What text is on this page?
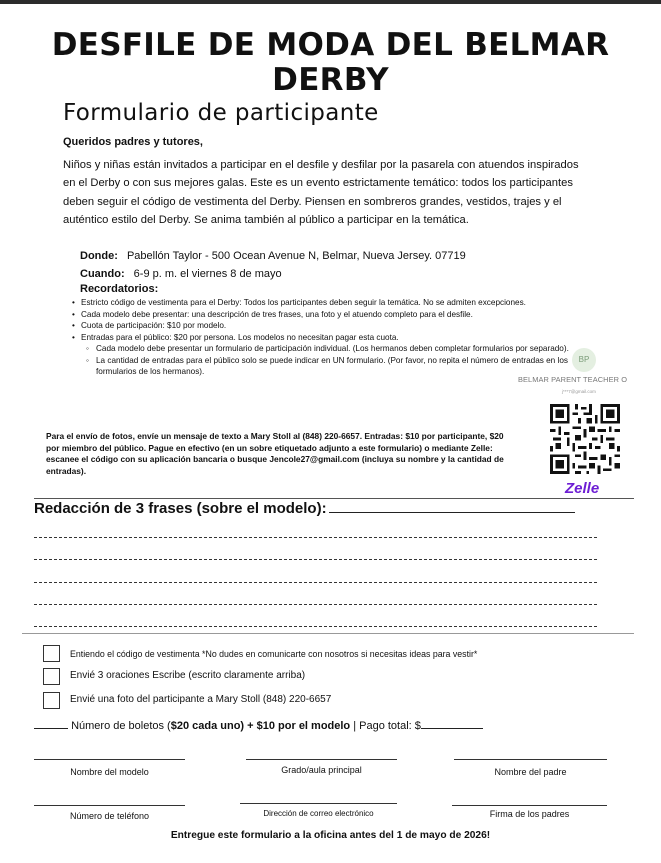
DESFILE DE MODA DEL BELMAR
DERBY
Formulario de participante
Queridos padres y tutores,
Niños y niñas están invitados a participar en el desfile y desfilar por la pasarela con atuendos inspirados en el Derby o con sus mejores galas. Este es un evento estrictamente temático: todos los participantes deben seguir el código de vestimenta del Derby. Piensen en sombreros grandes, vestidos, trajes y el auténtico estilo del Derby. Se anima también al público a participar en la temática.
Donde: Pabellón Taylor - 500 Ocean Avenue N, Belmar, Nueva Jersey. 07719
Cuando: 6-9 p. m. el viernes 8 de mayo
Recordatorios:
• Estricto código de vestimenta para el Derby: Todos los participantes deben seguir la temática. No se admiten excepciones.
• Cada modelo debe presentar: una descripción de tres frases, una foto y el atuendo completo para el desfile.
• Cuota de participación: $10 por modelo.
• Entradas para el público: $20 por persona. Los modelos no necesitan pagar esta cuota.
◦ Cada modelo debe presentar un formulario de participación individual. (Los hermanos deben completar formularios por separado).
◦ La cantidad de entradas para el público solo se puede indicar en UN formulario. (Por favor, no repita el número de entradas en los formularios de los hermanos).
BP
BELMAR PARENT TEACHER O
j***7@gmail.com
Zelle
Para el envío de fotos, envíe un mensaje de texto a Mary Stoll al (848) 220-6657. Entradas: $10 por participante, $20 por miembro del público. Pague en efectivo (en un sobre etiquetado adjunto a este formulario) o mediante Zelle: escanee el código con su aplicación bancaria o busque Jencole27@gmail.com (incluya su nombre y la cantidad de entradas).
Redacción de 3 frases (sobre el modelo):
Entiendo el código de vestimenta *No dudes en comunicarte con nosotros si necesitas ideas para vestir*
Envié 3 oraciones Escribe (escrito claramente arriba)
Envié una foto del participante a Mary Stoll (848) 220-6657
Número de boletos ($20 cada uno) + $10 por el modelo | Pago total: $
Nombre del modelo	Grado/aula principal	Nombre del padre
Número de teléfono	Dirección de correo electrónico	Firma de los padres
Entregue este formulario a la oficina antes del 1 de mayo de 2026!
